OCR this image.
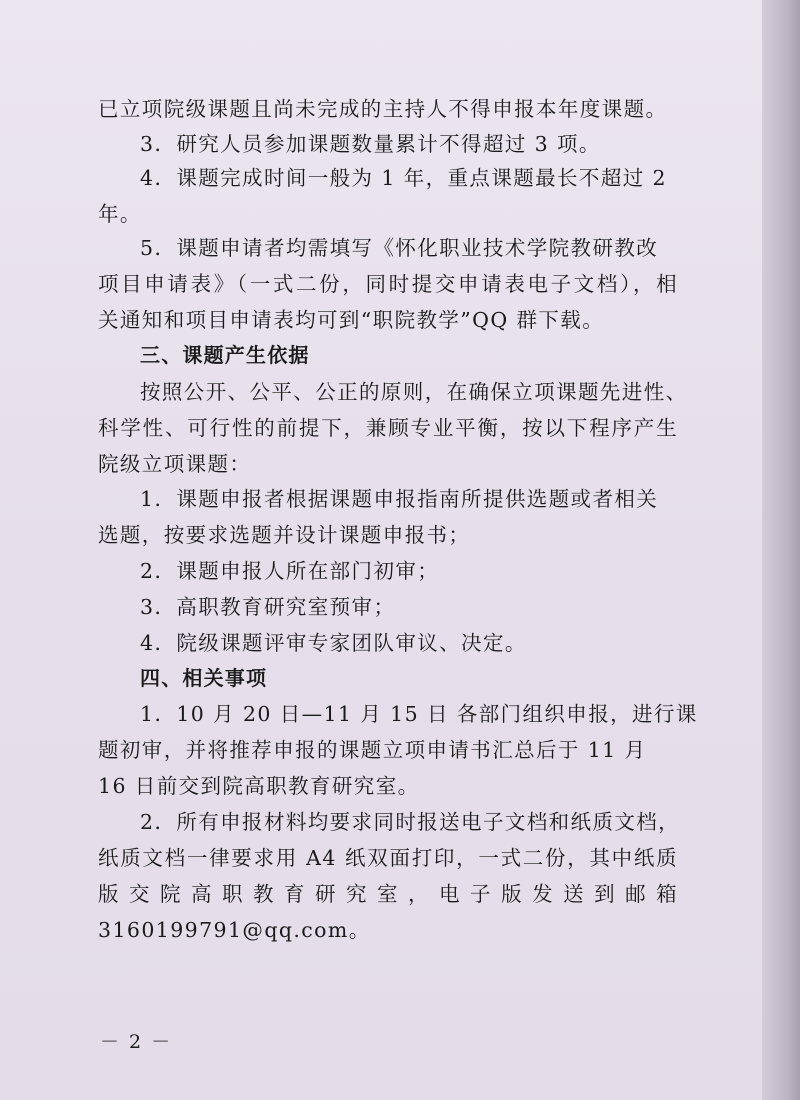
已立项院级课题且尚未完成的主持人不得申报本年度课题。
3．研究人员参加课题数量累计不得超过 3 项。
4．课题完成时间一般为 1 年，重点课题最长不超过 2
年。
5．课题申请者均需填写《怀化职业技术学院教研教改
项目申请表》（一式二份，同时提交申请表电子文档），相
关通知和项目申请表均可到“职院教学”QQ 群下载。
三、课题产生依据
按照公开、公平、公正的原则，在确保立项课题先进性、
科学性、可行性的前提下，兼顾专业平衡，按以下程序产生
院级立项课题：
1．课题申报者根据课题申报指南所提供选题或者相关
选题，按要求选题并设计课题申报书；
2．课题申报人所在部门初审；
3．高职教育研究室预审；
4．院级课题评审专家团队审议、决定。
四、相关事项
1．10 月 20 日—11 月 15 日 各部门组织申报，进行课
题初审，并将推荐申报的课题立项申请书汇总后于 11 月
16 日前交到院高职教育研究室。
2．所有申报材料均要求同时报送电子文档和纸质文档，
纸质文档一律要求用 A4 纸双面打印，一式二份，其中纸质
版交院高职教育研究室，电子版发送到邮箱
3160199791@qq.com。
－ 2 －
